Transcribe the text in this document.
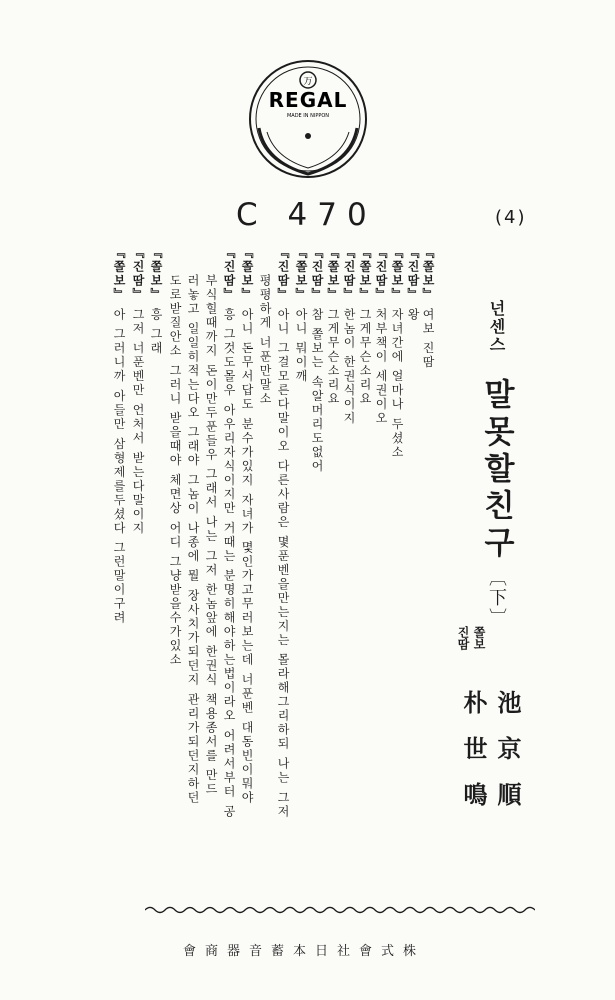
万
REGAL
MADE IN NIPPON
C 470	(4)
넌센스  말못할친구 〔下〕
쫄보
진땀
池京順
朴世鳴
『쫄보』 여보 진땀
『진땀』 왕
『쫄보』 자녀간에 얼마나 두셨소
『진땀』 처부책이 세권이오
『쫄보』 그게무슨소리요
『진땀』 한놈이 한권식이지
『쫄보』 그게무슨소리요
『진땀』 참 쫄보는 속알머리도없어
『쫄보』 아니 뭐이깨
『진땀』 아니 그걸모른다말이오 다른사람은 몇푼벤을만는지는 몰라해그리하되 나는 그저
평평하게 너푼만말소
『쫄보』 아니 돈무서답도 분수가있지 자녀가 몇인가고무러보는데 너푼벤 대동빈이뭐야
『진땀』 흥 그것도몰우 아우리자식이지만 거때는 분명히해야하는법이라오 어려서부터 공
부식힐때까지 돈이만두푼들우 그래서 나는 그저 한놈앞에 한권식 책용종서를 만드
러놓고 일일히적는다오 그래야 그놈이 나종에 뭘 장사치가되던지 관리가되던지하던
도로받질안소 그러니 받을때야 체면상 어디 그냥받을수가있소
『쫄보』 흥 그래
『진땀』 그저 너푼벤만 언처서 받는다말이지
『쫄보』 아 그러니까 아들만 삼형제를두셨다 그런말이구려
會商器音蓄本日社會式株
